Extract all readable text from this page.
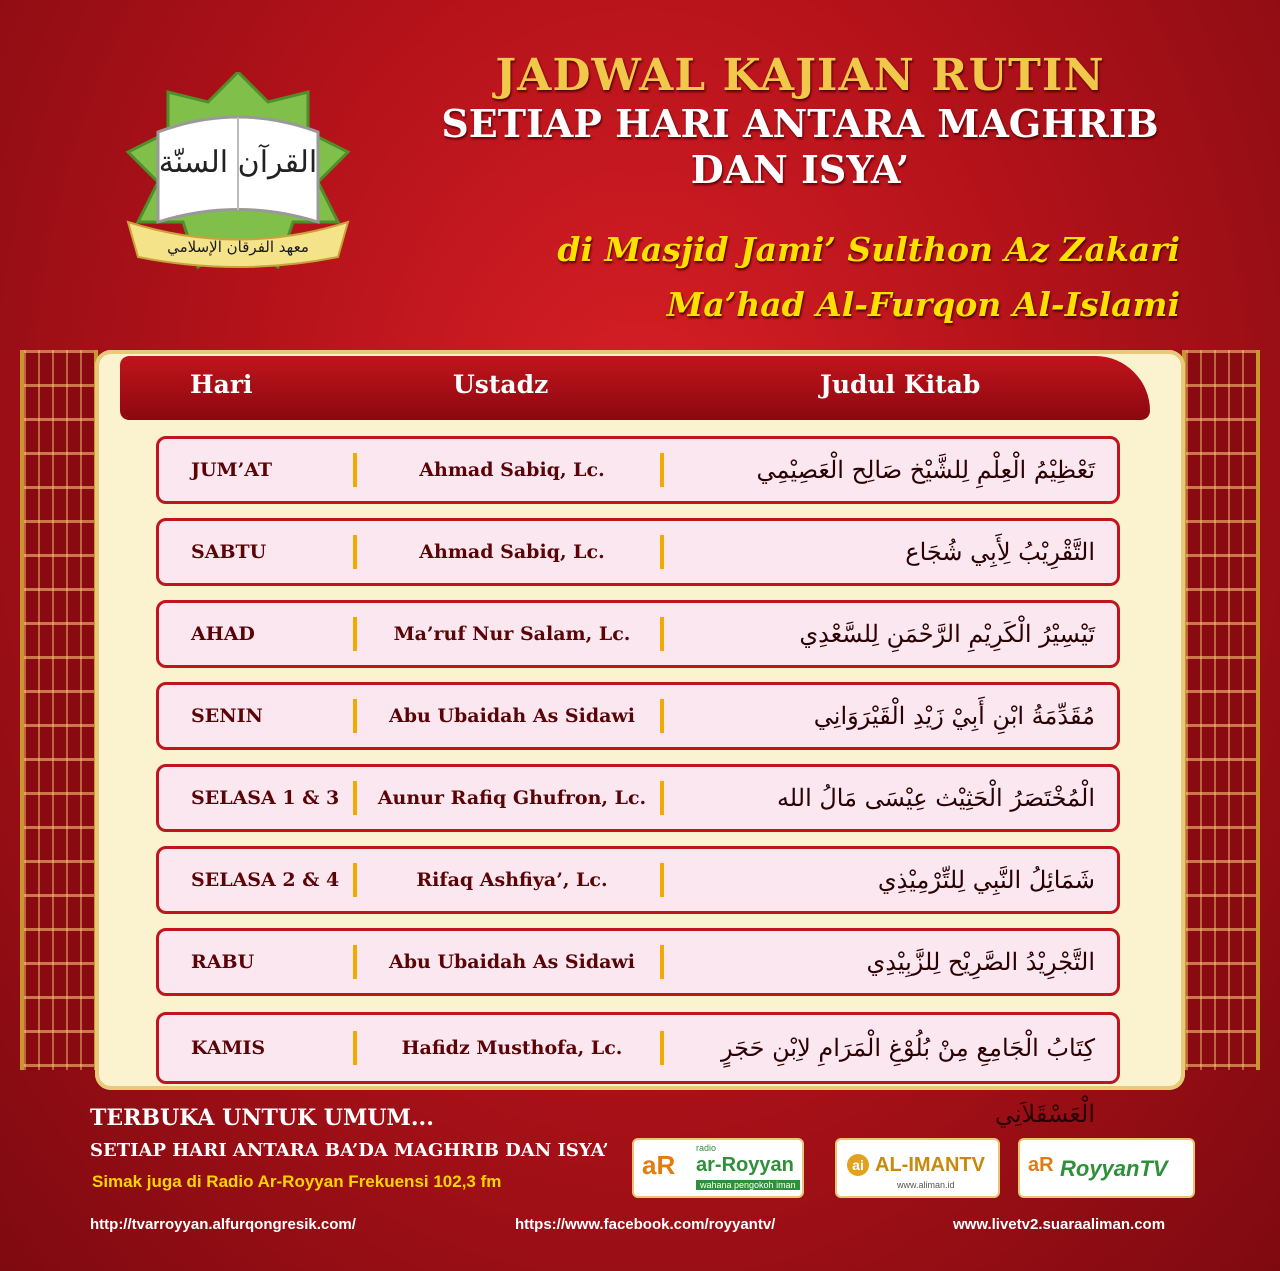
القرآن السنّة
معهد الفرقان الإسلامي

JADWAL KAJIAN RUTIN

SETIAP HARI ANTARA MAGHRIB

DAN ISYA’

di Masjid Jami’ Sulthon Az Zakari
Ma’had Al-Furqon Al-Islami
Hari	Ustadz	Judul Kitab
JUM’AT	Ahmad Sabiq, Lc.	تَعْظِيْمُ الْعِلْمِ لِلشَّيْخ صَالِح الْعَصِيْمِي
SABTU	Ahmad Sabiq, Lc.	التَّقْرِيْبُ لِأَبِي شُجَاع
AHAD	Ma’ruf Nur Salam, Lc.	تَيْسِيْرُ الْكَرِيْمِ الرَّحْمَنِ لِلسَّعْدِي
SENIN	Abu Ubaidah As Sidawi	مُقَدِّمَةُ ابْنِ أَبِيْ زَيْدِ الْقَيْرَوَانِي
SELASA 1 & 3	Aunur Rafiq Ghufron, Lc.	الْمُخْتَصَرُ الْحَثِيْث عِيْسَى مَالُ الله
SELASA 2 & 4	Rifaq Ashfiya’, Lc.	شَمَائِلُ النَّبِي لِلتِّرْمِيْذِي
RABU	Abu Ubaidah As Sidawi	التَّجْرِيْدُ الصَّرِيْح لِلزَّبِيْدِي
KAMIS	Hafidz Musthofa, Lc.	كِتَابُ الْجَامِعِ مِنْ بُلُوْغِ الْمَرَامِ لاِبْنِ حَجَرٍ الْعَسْقَلاَنِي
TERBUKA UNTUK UMUM...
SETIAP HARI ANTARA BA’DA MAGHRIB DAN ISYA’
Simak juga di Radio Ar-Royyan Frekuensi 102,3 fm
radio
aR ar-Royyan
wahana pengokoh iman
ai AL-IMANTV
www.aliman.id
aR RoyyanTV
http://tvarroyyan.alfurqongresik.com/	https://www.facebook.com/royyantv/	www.livetv2.suaraaliman.com
